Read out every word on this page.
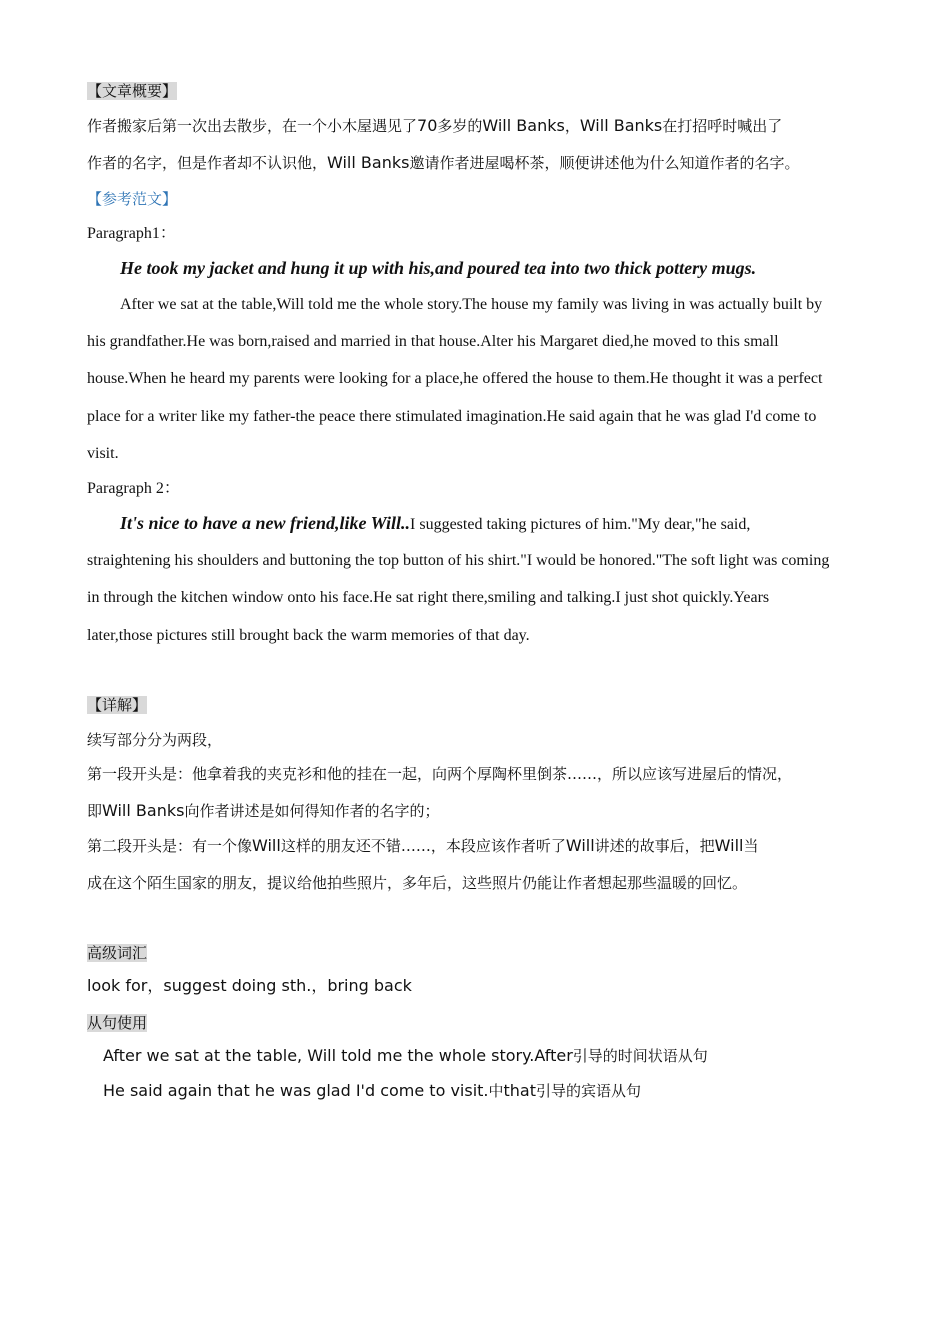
【文章概要】
作者搬家后第一次出去散步，在一个小木屋遇见了70多岁的Will Banks，Will Banks在打招呼时喊出了
作者的名字，但是作者却不认识他，Will Banks邀请作者进屋喝杯茶，顺便讲述他为什么知道作者的名字。
【参考范文】
Paragraph1：
He took my jacket and hung it up with his,and poured tea into two thick pottery mugs.
After we sat at the table,Will told me the whole story.The house my family was living in was actually built by
his grandfather.He was born,raised and married in that house.Alter his Margaret died,he moved to this small
house.When he heard my parents were looking for a place,he offered the house to them.He thought it was a perfect
place for a writer like my father-the peace there stimulated imagination.He said again that he was glad I'd come to
visit.
Paragraph 2：
It's nice to have a new friend,like Will..I suggested taking pictures of him."My dear,"he said,
straightening his shoulders and buttoning the top button of his shirt."I would be honored."The soft light was coming
in through the kitchen window onto his face.He sat right there,smiling and talking.I just shot quickly.Years
later,those pictures still brought back the warm memories of that day.
【详解】
续写部分分为两段，
第一段开头是：他拿着我的夹克衫和他的挂在一起，向两个厚陶杯里倒茶……，所以应该写进屋后的情况，
即Will Banks向作者讲述是如何得知作者的名字的；
第二段开头是：有一个像Will这样的朋友还不错……，本段应该作者听了Will讲述的故事后，把Will当
成在这个陌生国家的朋友，提议给他拍些照片，多年后，这些照片仍能让作者想起那些温暖的回忆。
高级词汇
look for，suggest doing sth.，bring back
从句使用
After we sat at the table, Will told me the whole story.After引导的时间状语从句
He said again that he was glad I'd come to visit.中that引导的宾语从句
